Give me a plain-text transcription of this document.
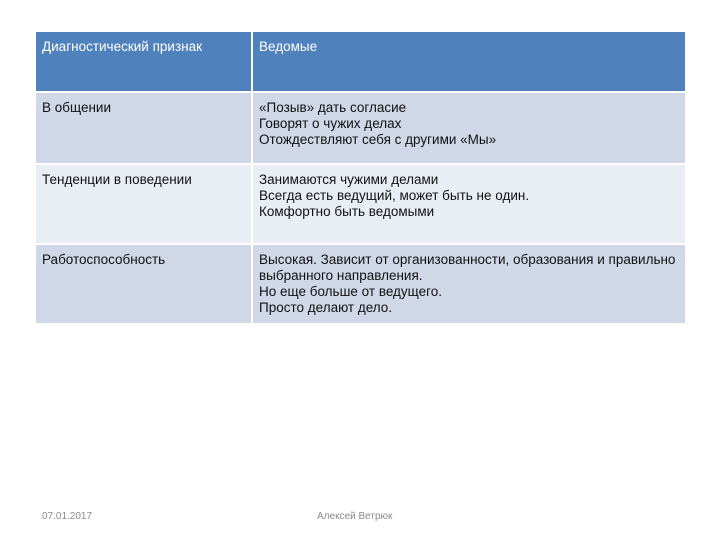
Диагностический признак	Ведомые
В общении	«Позыв» дать согласие
Говорят о чужих делах
Отождествляют себя с другими «Мы»

Тенденции в поведении	Занимаются чужими делами
Всегда есть ведущий, может быть не один.
Комфортно быть ведомыми

Работоспособность	Высокая. Зависит от организованности, образования и правильно выбранного направления.
Но еще больше от ведущего.
Просто делают дело.
07.01.2017	Алексей Ветрюк
